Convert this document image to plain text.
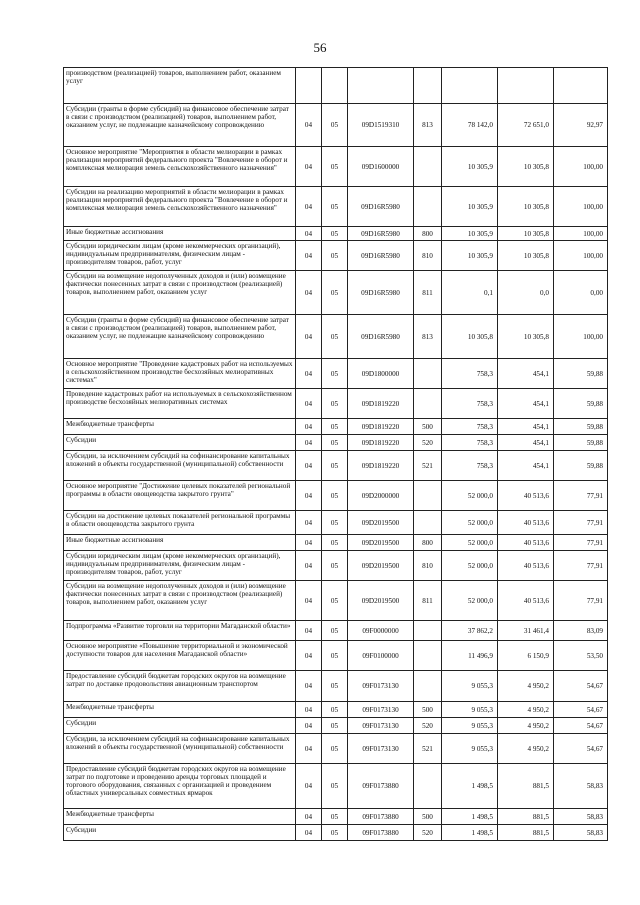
56
производством (реализацией) товаров, выполнением работ, оказанием услуг							
Субсидии (гранты в форме субсидий) на финансовое обеспечение затрат в связи с производством (реализацией) товаров, выполнением работ, оказанием услуг, не подлежащие казначейскому сопровождению	04	05	09D1519310	813	78 142,0	72 651,0	92,97
Основное мероприятие "Мероприятия в области мелиорации в рамках реализации мероприятий федерального проекта "Вовлечение в оборот и комплексная мелиорация земель сельскохозяйственного назначения"	04	05	09D1600000		10 305,9	10 305,8	100,00
Субсидии на реализацию мероприятий в области мелиорации в рамках реализации мероприятий федерального проекта "Вовлечение в оборот и комплексная мелиорация земель сельскохозяйственного назначения"	04	05	09D16R5980		10 305,9	10 305,8	100,00
Иные бюджетные ассигнования	04	05	09D16R5980	800	10 305,9	10 305,8	100,00
Субсидии юридическим лицам (кроме некоммерческих организаций), индивидуальным предпринимателям, физическим лицам - производителям товаров, работ, услуг	04	05	09D16R5980	810	10 305,9	10 305,8	100,00
Субсидии на возмещение недополученных доходов и (или) возмещение фактически понесенных затрат в связи с производством (реализацией) товаров, выполнением работ, оказанием услуг	04	05	09D16R5980	811	0,1	0,0	0,00
Субсидии (гранты в форме субсидий) на финансовое обеспечение затрат в связи с производством (реализацией) товаров, выполнением работ, оказанием услуг, не подлежащие казначейскому сопровождению	04	05	09D16R5980	813	10 305,8	10 305,8	100,00
Основное мероприятие "Проведение кадастровых работ на используемых в сельскохозяйственном производстве бесхозяйных мелиоративных системах"	04	05	09D1800000		758,3	454,1	59,88
Проведение кадастровых работ на используемых в сельскохозяйственном производстве бесхозяйных мелиоративных системах	04	05	09D1819220		758,3	454,1	59,88
Межбюджетные трансферты	04	05	09D1819220	500	758,3	454,1	59,88
Субсидии	04	05	09D1819220	520	758,3	454,1	59,88
Субсидии, за исключением субсидий на софинансирование капитальных вложений в объекты государственной (муниципальной) собственности	04	05	09D1819220	521	758,3	454,1	59,88
Основное мероприятие "Достижение целевых показателей региональной программы в области овощеводства закрытого грунта"	04	05	09D2000000		52 000,0	40 513,6	77,91
Субсидии на достижение целевых показателей региональной программы в области овощеводства закрытого грунта	04	05	09D2019500		52 000,0	40 513,6	77,91
Иные бюджетные ассигнования	04	05	09D2019500	800	52 000,0	40 513,6	77,91
Субсидии юридическим лицам (кроме некоммерческих организаций), индивидуальным предпринимателям, физическим лицам - производителям товаров, работ, услуг	04	05	09D2019500	810	52 000,0	40 513,6	77,91
Субсидии на возмещение недополученных доходов и (или) возмещение фактически понесенных затрат в связи с производством (реализацией) товаров, выполнением работ, оказанием услуг	04	05	09D2019500	811	52 000,0	40 513,6	77,91
Подпрограмма «Развитие торговли на территории Магаданской области»	04	05	09F0000000		37 862,2	31 461,4	83,09
Основное мероприятие «Повышение территориальной и экономической доступности товаров для населения Магаданской области»	04	05	09F0100000		11 496,9	6 150,9	53,50
Предоставление субсидий бюджетам городских округов на возмещение затрат по доставке продовольствия авиационным транспортом	04	05	09F0173130		9 055,3	4 950,2	54,67
Межбюджетные трансферты	04	05	09F0173130	500	9 055,3	4 950,2	54,67
Субсидии	04	05	09F0173130	520	9 055,3	4 950,2	54,67
Субсидии, за исключением субсидий на софинансирование капитальных вложений в объекты государственной (муниципальной) собственности	04	05	09F0173130	521	9 055,3	4 950,2	54,67
Предоставление субсидий бюджетам городских округов на возмещение затрат по подготовке и проведению аренды торговых площадей и торгового оборудования, связанных с организацией и проведением областных универсальных совместных ярмарок	04	05	09F0173880		1 498,5	881,5	58,83
Межбюджетные трансферты	04	05	09F0173880	500	1 498,5	881,5	58,83
Субсидии	04	05	09F0173880	520	1 498,5	881,5	58,83
